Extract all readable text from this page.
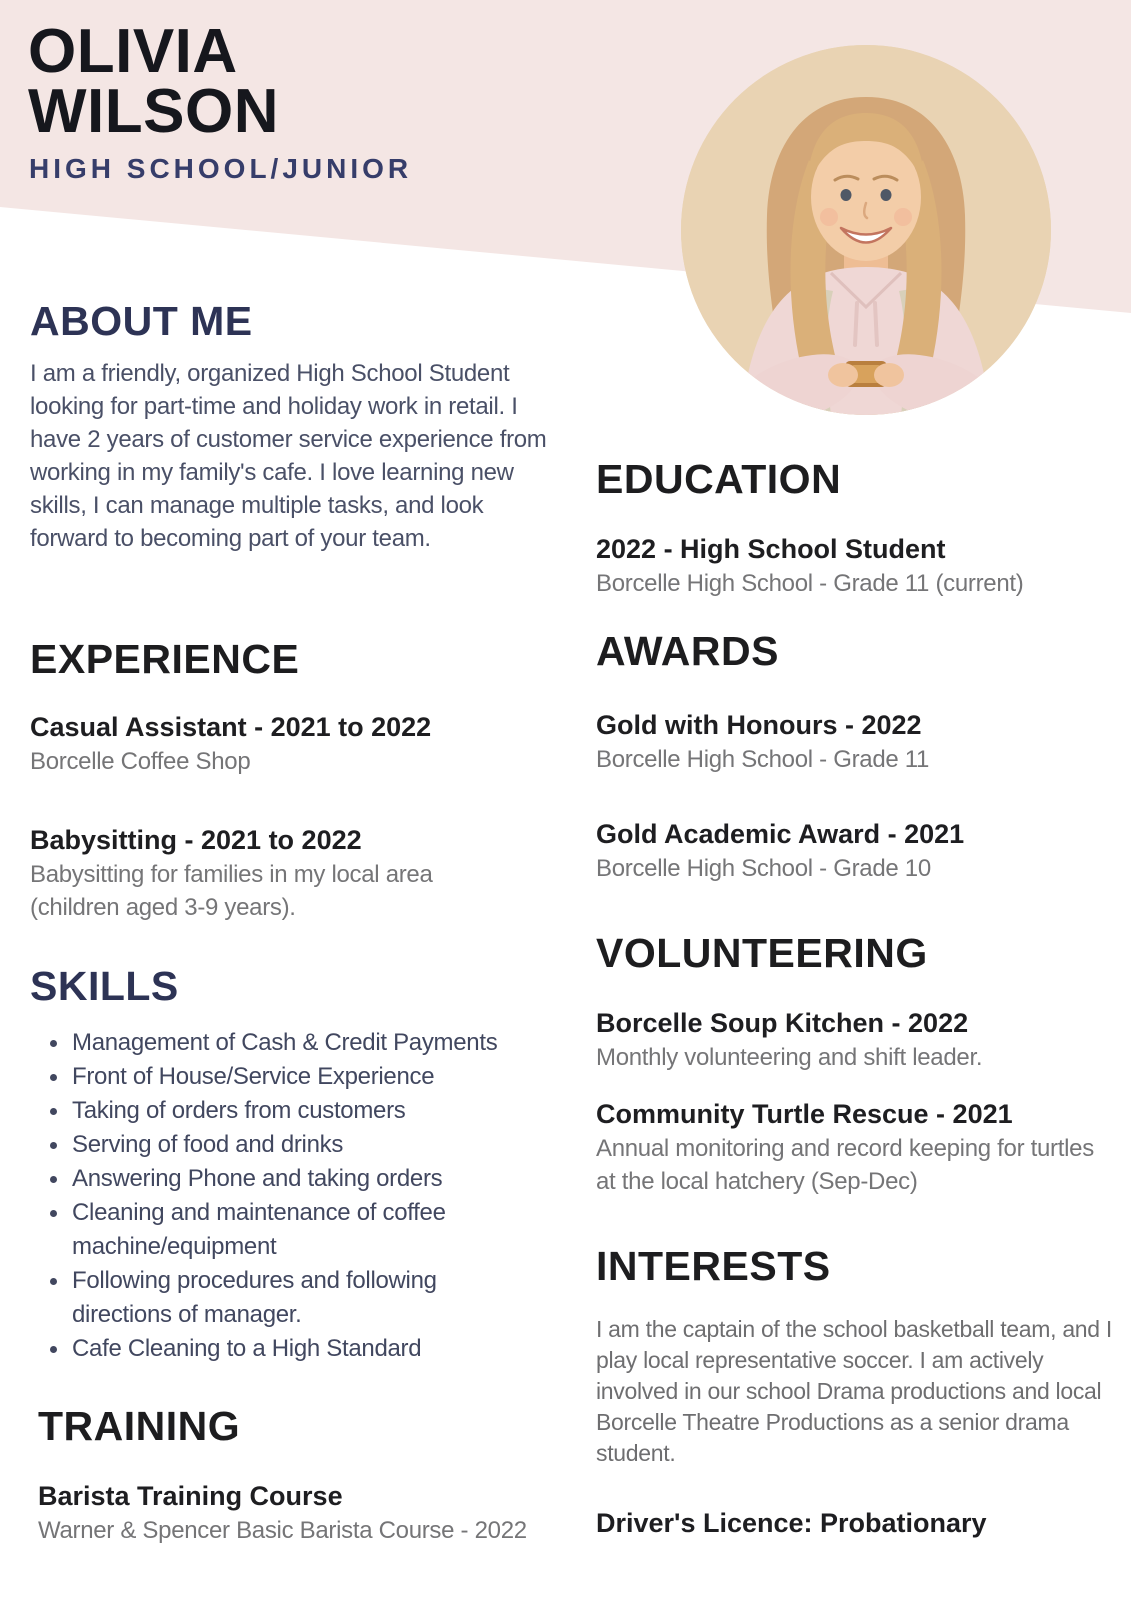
OLIVIA
WILSON
HIGH SCHOOL/JUNIOR
ABOUT ME

I am a friendly, organized High School Student looking for part-time and holiday work in retail. I have 2 years of customer service experience from working in my family's cafe. I love learning new skills, I can manage multiple tasks, and look forward to becoming part of your team.

EXPERIENCE
Casual Assistant - 2021 to 2022
Borcelle Coffee Shop
Babysitting - 2021 to 2022
Babysitting for families in my local area (children aged 3-9 years).
SKILLS
• Management of Cash & Credit Payments
• Front of House/Service Experience
• Taking of orders from customers
• Serving of food and drinks
• Answering Phone and taking orders
• Cleaning and maintenance of coffee machine/equipment
• Following procedures and following directions of manager.
• Cafe Cleaning to a High Standard
TRAINING
Barista Training Course
Warner & Spencer Basic Barista Course - 2022
EDUCATION
2022 - High School Student
Borcelle High School - Grade 11 (current)
AWARDS
Gold with Honours - 2022
Borcelle High School - Grade 11
Gold Academic Award - 2021
Borcelle High School - Grade 10
VOLUNTEERING
Borcelle Soup Kitchen - 2022
Monthly volunteering and shift leader.
Community Turtle Rescue - 2021
Annual monitoring and record keeping for turtles at the local hatchery (Sep-Dec)
INTERESTS

I am the captain of the school basketball team, and I play local representative soccer. I am actively involved in our school Drama productions and local Borcelle Theatre Productions as a senior drama student.

Driver's Licence: Probationary
